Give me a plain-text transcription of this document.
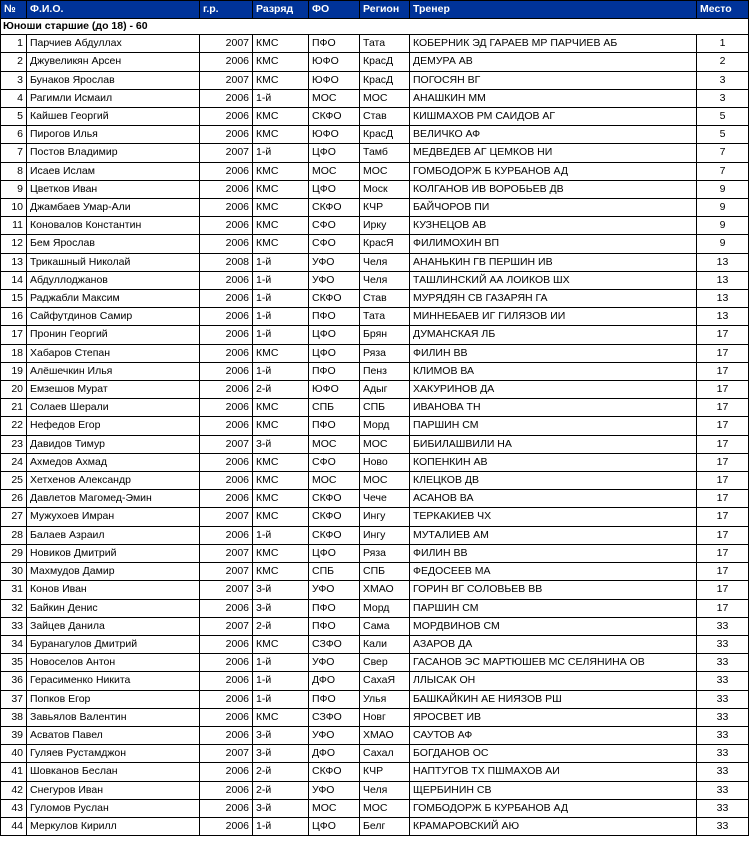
№	Ф.И.О.	г.р.	Разряд	ФО	Регион	Тренер	Место
Юноши старшие (до 18) - 60							
1	Парчиев Абдуллах	2007	КМС	ПФО	Тата	КОБЕРНИК ЭД ГАРАЕВ МР ПАРЧИЕВ АБ	1
2	Джувеликян Арсен	2006	КМС	ЮФО	КрасД	ДЕМУРА АВ	2
3	Бунаков Ярослав	2007	КМС	ЮФО	КрасД	ПОГОСЯН ВГ	3
4	Рагимли Исмаил	2006	1-й	МОС	МОС	АНАШКИН ММ	3
5	Кайшев Георгий	2006	КМС	СКФО	Став	КИШМАХОВ РМ САИДОВ АГ	5
6	Пирогов Илья	2006	КМС	ЮФО	КрасД	ВЕЛИЧКО АФ	5
7	Постов Владимир	2007	1-й	ЦФО	Тамб	МЕДВЕДЕВ АГ ЦЕМКОВ НИ	7
8	Исаев Ислам	2006	КМС	МОС	МОС	ГОМБОДОРЖ Б КУРБАНОВ АД	7
9	Цветков Иван	2006	КМС	ЦФО	Моск	КОЛГАНОВ ИВ ВОРОБЬЕВ ДВ	9
10	Джамбаев Умар-Али	2006	КМС	СКФО	КЧР	БАЙЧОРОВ ПИ	9
11	Коновалов Константин	2006	КМС	СФО	Ирку	КУЗНЕЦОВ АВ	9
12	Бем Ярослав	2006	КМС	СФО	КрасЯ	ФИЛИМОХИН ВП	9
13	Трикашный Николай	2008	1-й	УФО	Челя	АНАНЬКИН ГВ ПЕРШИН ИВ	13
14	Абдуллоджанов	2006	1-й	УФО	Челя	ТАШЛИНСКИЙ АА ЛОИКОВ ШХ	13
15	Раджабли Максим	2006	1-й	СКФО	Став	МУРЯДЯН СВ ГАЗАРЯН ГА	13
16	Сайфутдинов Самир	2006	1-й	ПФО	Тата	МИННЕБАЕВ ИГ ГИЛЯЗОВ ИИ	13
17	Пронин Георгий	2006	1-й	ЦФО	Брян	ДУМАНСКАЯ ЛБ	17
18	Хабаров Степан	2006	КМС	ЦФО	Ряза	ФИЛИН ВВ	17
19	Алёшечкин Илья	2006	1-й	ПФО	Пенз	КЛИМОВ ВА	17
20	Емзешов Мурат	2006	2-й	ЮФО	Адыг	ХАКУРИНОВ ДА	17
21	Солаев Шерали	2006	КМС	СПБ	СПБ	ИВАНОВА ТН	17
22	Нефедов Егор	2006	КМС	ПФО	Морд	ПАРШИН СМ	17
23	Давидов Тимур	2007	3-й	МОС	МОС	БИБИЛАШВИЛИ НА	17
24	Ахмедов Ахмад	2006	КМС	СФО	Ново	КОПЕНКИН АВ	17
25	Хетхенов Александр	2006	КМС	МОС	МОС	КЛЕЦКОВ ДВ	17
26	Давлетов Магомед-Эмин	2006	КМС	СКФО	Чече	АСАНОВ ВА	17
27	Мужухоев Имран	2007	КМС	СКФО	Ингу	ТЕРКАКИЕВ ЧХ	17
28	Балаев Азраил	2006	1-й	СКФО	Ингу	МУТАЛИЕВ АМ	17
29	Новиков Дмитрий	2007	КМС	ЦФО	Ряза	ФИЛИН ВВ	17
30	Махмудов Дамир	2007	КМС	СПБ	СПБ	ФЕДОСЕЕВ МА	17
31	Конов Иван	2007	3-й	УФО	ХМАО	ГОРИН ВГ СОЛОВЬЕВ ВВ	17
32	Байкин Денис	2006	3-й	ПФО	Морд	ПАРШИН СМ	17
33	Зайцев Данила	2007	2-й	ПФО	Сама	МОРДВИНОВ СМ	33
34	Буранагулов Дмитрий	2006	КМС	СЗФО	Кали	АЗАРОВ ДА	33
35	Новоселов Антон	2006	1-й	УФО	Свер	ГАСАНОВ ЭС МАРТЮШЕВ МС СЕЛЯНИНА ОВ	33
36	Герасименко Никита	2006	1-й	ДФО	СахаЯ	ЛЛЫСАК ОН	33
37	Попков Егор	2006	1-й	ПФО	Улья	БАШКАЙКИН АЕ НИЯЗОВ РШ	33
38	Завьялов Валентин	2006	КМС	СЗФО	Новг	ЯРОСВЕТ ИВ	33
39	Асватов Павел	2006	3-й	УФО	ХМАО	САУТОВ АФ	33
40	Гуляев Рустамджон	2007	3-й	ДФО	Сахал	БОГДАНОВ ОС	33
41	Шовканов Беслан	2006	2-й	СКФО	КЧР	НАПТУГОВ ТХ ПШМАХОВ АИ	33
42	Снегуров Иван	2006	2-й	УФО	Челя	ЩЕРБИНИН СВ	33
43	Гуломов Руслан	2006	3-й	МОС	МОС	ГОМБОДОРЖ Б КУРБАНОВ АД	33
44	Меркулов Кирилл	2006	1-й	ЦФО	Белг	КРАМАРОВСКИЙ АЮ	33
